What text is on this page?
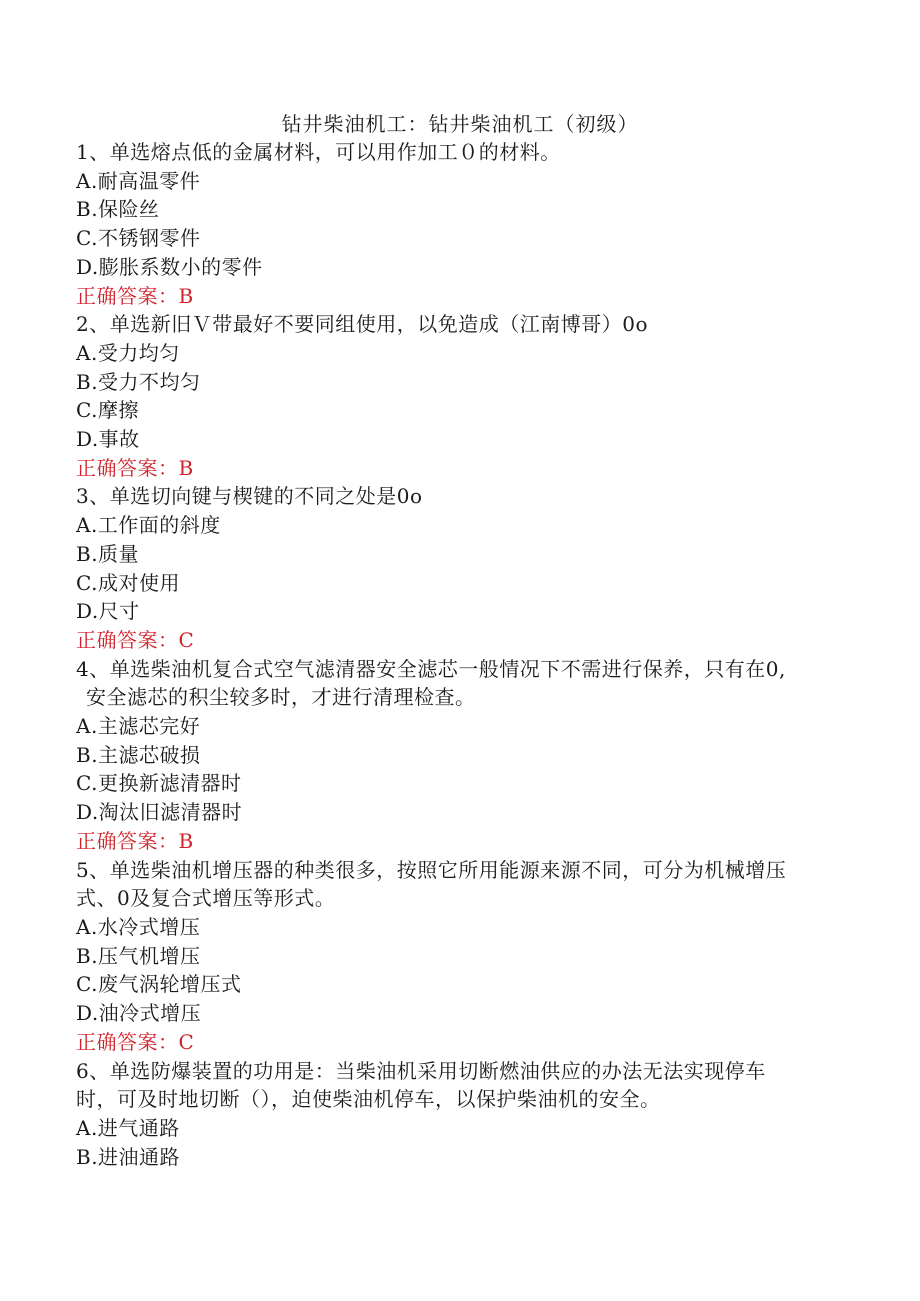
钻井柴油机工：钻井柴油机工（初级）
1、单选熔点低的金属材料，可以用作加工０的材料。
A.耐高温零件
B.保险丝
C.不锈钢零件
D.膨胀系数小的零件
正确答案：B
2、单选新旧Ｖ带最好不要同组使用，以免造成（江南博哥）0o
A.受力均匀
B.受力不均匀
C.摩擦
D.事故
正确答案：B
3、单选切向键与楔键的不同之处是0o
A.工作面的斜度
B.质量
C.成对使用
D.尺寸
正确答案：C
4、单选柴油机复合式空气滤清器安全滤芯一般情况下不需进行保养，只有在0,
安全滤芯的积尘较多时，才进行清理检查。
A.主滤芯完好
B.主滤芯破损
C.更换新滤清器时
D.淘汰旧滤清器时
正确答案：B
5、单选柴油机增压器的种类很多，按照它所用能源来源不同，可分为机械增压
式、0及复合式增压等形式。
A.水冷式增压
B.压气机增压
C.废气涡轮增压式
D.油冷式增压
正确答案：C
6、单选防爆装置的功用是：当柴油机采用切断燃油供应的办法无法实现停车
时，可及时地切断（），迫使柴油机停车，以保护柴油机的安全。
A.进气通路
B.进油通路
